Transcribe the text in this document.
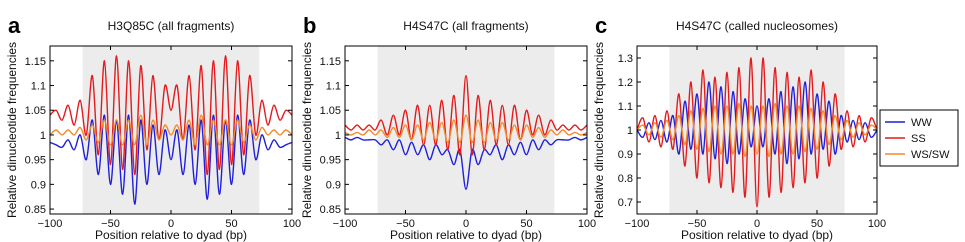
−100	−50	0	50	100
0.85
0.9
0.95
1
1.05
1.1
1.15
H3Q85C (all fragments)
a
Position relative to dyad (bp)
Relative dinucleotide frequencies
−100	−50	0	50	100
0.85
0.9
0.95
1
1.05
1.1
1.15
H4S47C (all fragments)
b
Position relative to dyad (bp)
Relative dinucleotide frequencies
−100	−50	0	50	100
0.7
0.8
0.9
1
1.1
1.2
1.3
H4S47C (called nucleosomes)
c
Position relative to dyad (bp)
Relative dinucleotide frequencies	WW
SS
WS/SW
